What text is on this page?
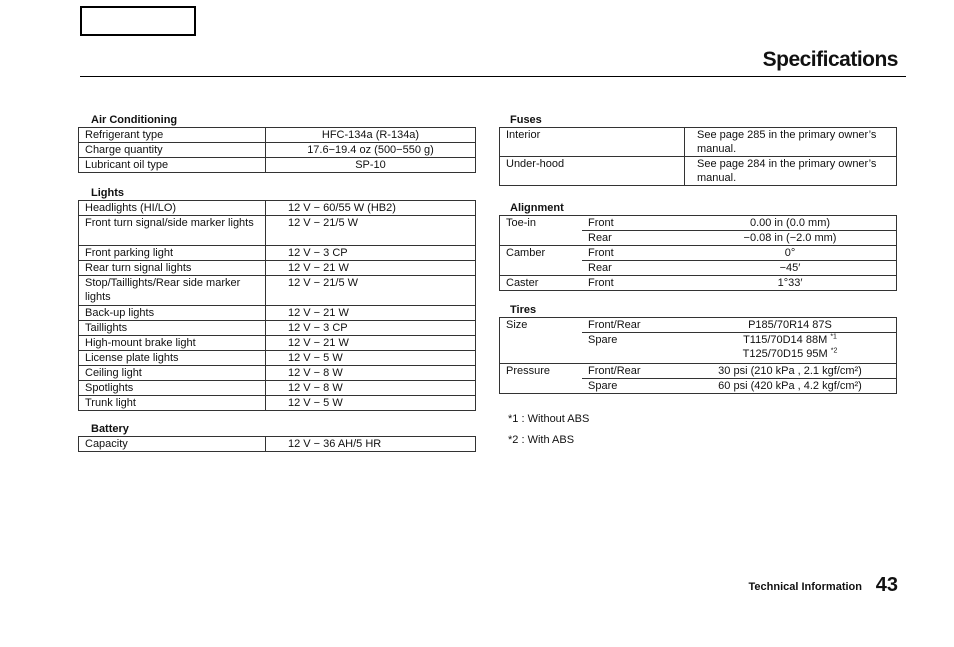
Specifications
Air Conditioning
Refrigerant type	HFC-134a (R-134a)
Charge quantity	17.6−19.4 oz (500−550 g)
Lubricant oil type	SP-10
Lights
Headlights (HI/LO)	12 V − 60/55 W (HB2)
Front turn signal/side marker lights	12 V − 21/5 W
Front parking light	12 V − 3 CP
Rear turn signal lights	12 V − 21 W
Stop/Taillights/Rear side marker lights	12 V − 21/5 W
Back-up lights	12 V − 21 W
Taillights	12 V − 3 CP
High-mount brake light	12 V − 21 W
License plate lights	12 V − 5 W
Ceiling light	12 V − 8 W
Spotlights	12 V − 8 W
Trunk light	12 V − 5 W
Battery
Capacity	12 V − 36 AH/5 HR
Fuses
Interior	See page 285 in the primary owner’s manual.
Under-hood	See page 284 in the primary owner’s manual.
Alignment
Toe-in	Front	0.00 in (0.0 mm)
	Rear	−0.08 in (−2.0 mm)
Camber	Front	0°
	Rear	−45′
Caster	Front	1°33′
Tires
Size	Front/Rear	P185/70R14 87S
	Spare	T115/70D14 88M $^{*1}$
		T125/70D15 95M $^{*2}$
Pressure	Front/Rear	30 psi (210 kPa , 2.1 kgf/cm²)
	Spare	60 psi (420 kPa , 4.2 kgf/cm²)
*1 : Without ABS
*2 : With ABS
Technical Information 43
